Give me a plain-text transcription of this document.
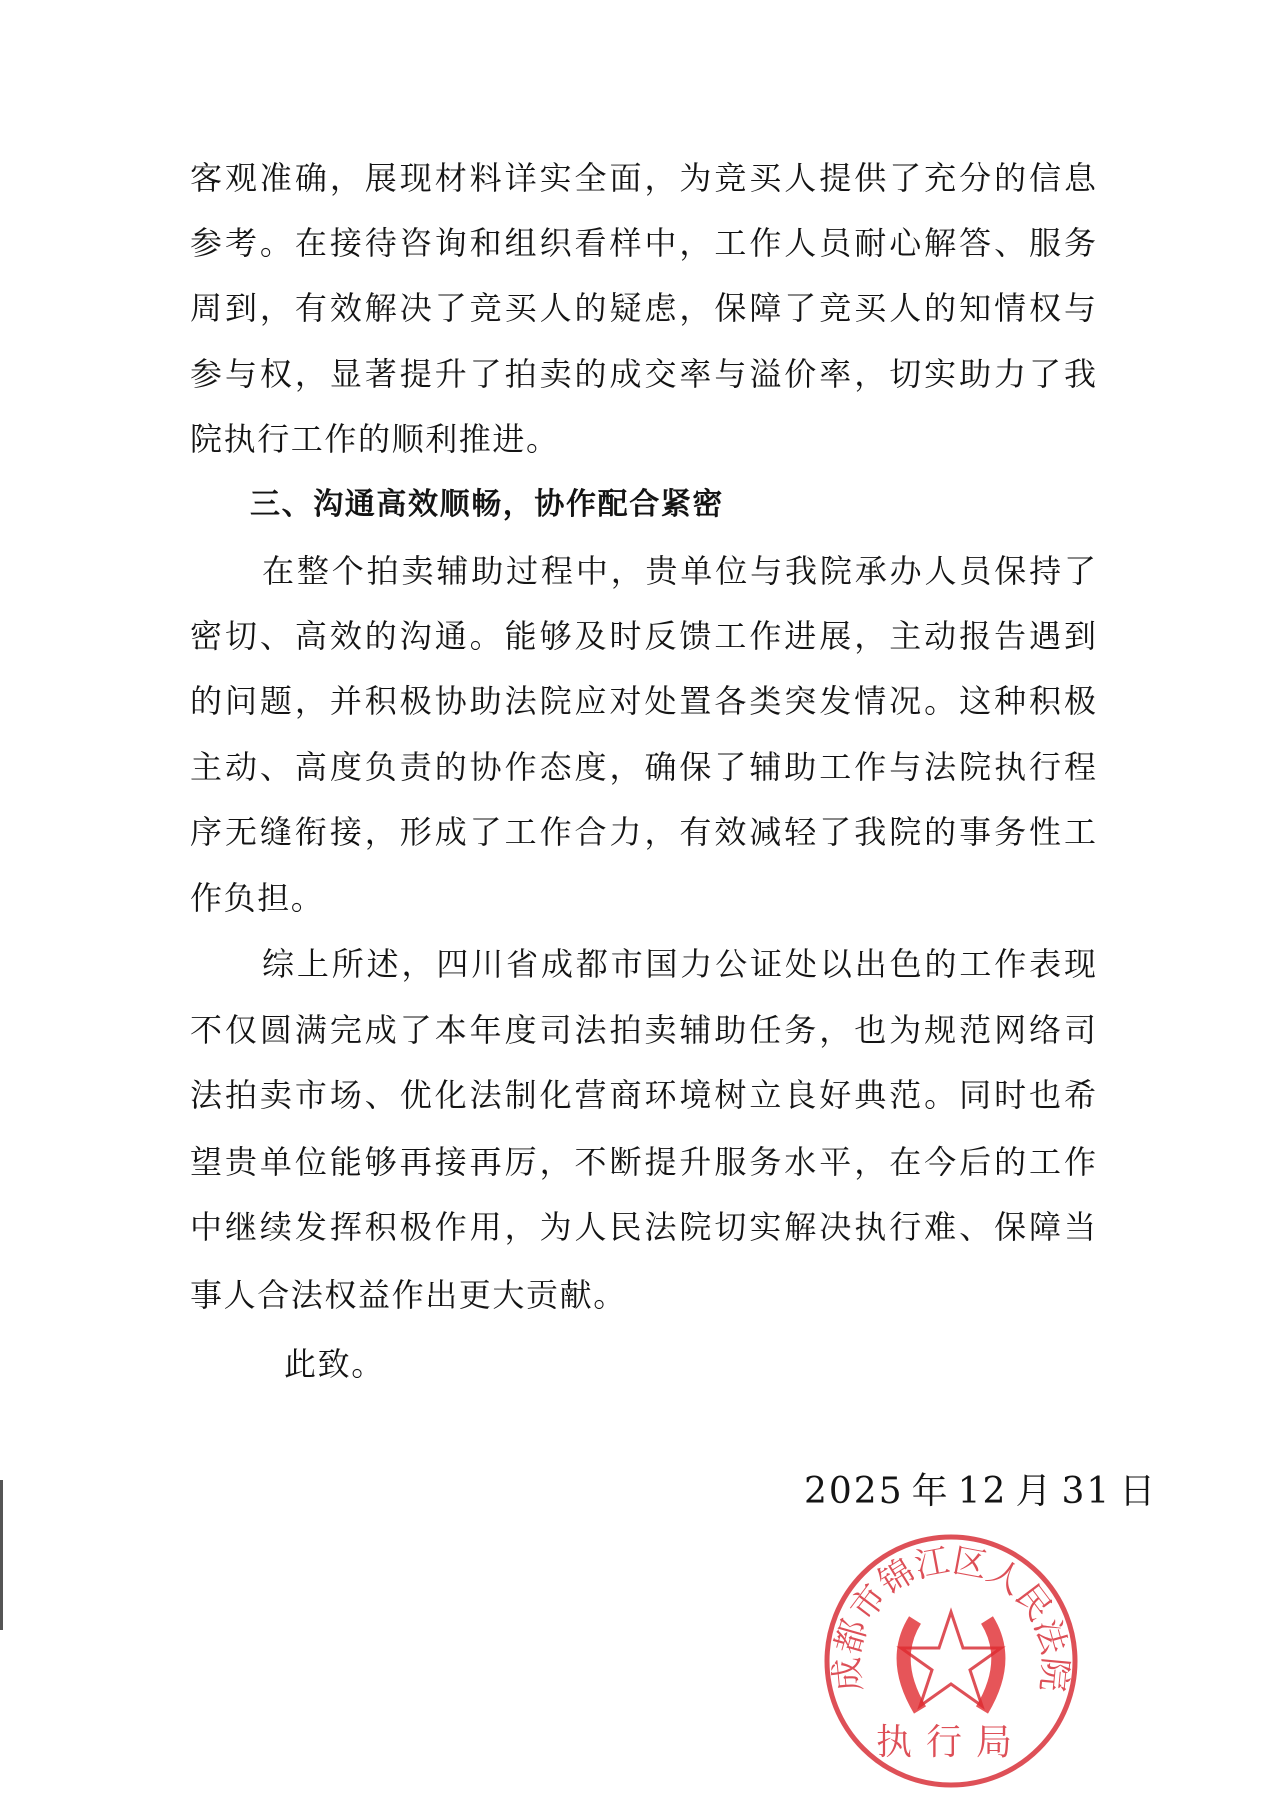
客观准确，展现材料详实全面，为竞买人提供了充分的信息
参考。在接待咨询和组织看样中，工作人员耐心解答、服务
周到，有效解决了竞买人的疑虑，保障了竞买人的知情权与
参与权，显著提升了拍卖的成交率与溢价率，切实助力了我
院执行工作的顺利推进。
三、沟通高效顺畅，协作配合紧密
在整个拍卖辅助过程中，贵单位与我院承办人员保持了
密切、高效的沟通。能够及时反馈工作进展，主动报告遇到
的问题，并积极协助法院应对处置各类突发情况。这种积极
主动、高度负责的协作态度，确保了辅助工作与法院执行程
序无缝衔接，形成了工作合力，有效减轻了我院的事务性工
作负担。
综上所述，四川省成都市国力公证处以出色的工作表现
不仅圆满完成了本年度司法拍卖辅助任务，也为规范网络司
法拍卖市场、优化法制化营商环境树立良好典范。同时也希
望贵单位能够再接再厉，不断提升服务水平，在今后的工作
中继续发挥积极作用，为人民法院切实解决执行难、保障当
事人合法权益作出更大贡献。
此致。
成都市锦江区人民法院
执行局
2025 年 12 月 31 日
